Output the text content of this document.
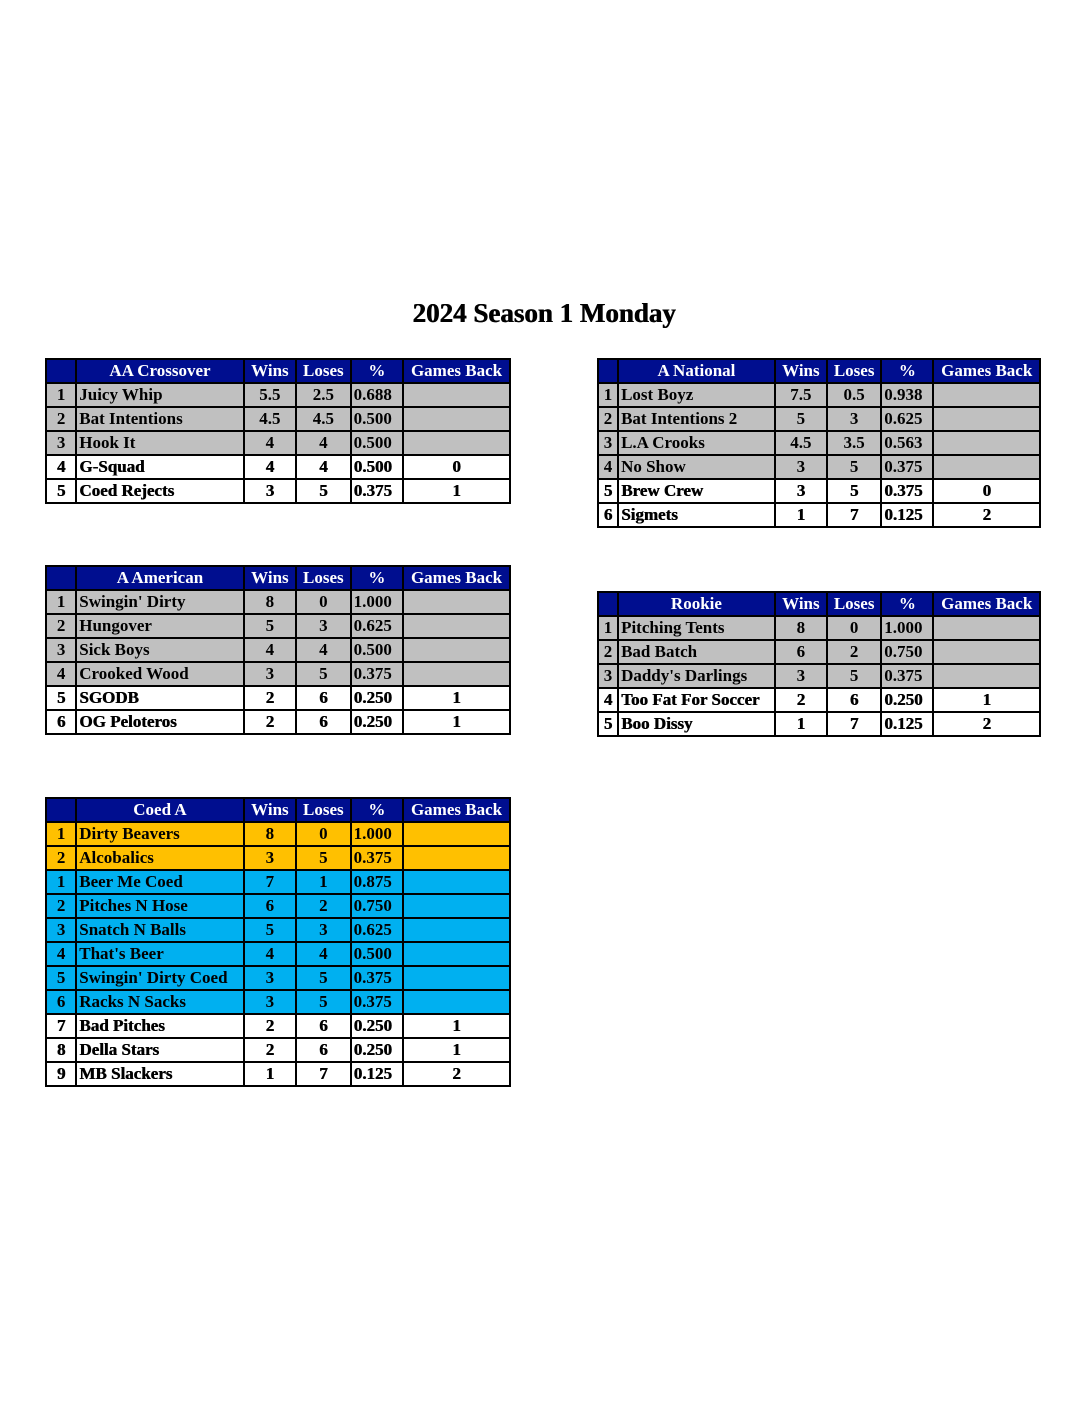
2024 Season 1 Monday
	AA Crossover	Wins	Loses	%	Games Back
1	Juicy Whip	5.5	2.5	0.688	
2	Bat Intentions	4.5	4.5	0.500	
3	Hook It	4	4	0.500	
4	G-Squad	4	4	0.500	0
5	Coed Rejects	3	5	0.375	1
	A National	Wins	Loses	%	Games Back
1	Lost Boyz	7.5	0.5	0.938	
2	Bat Intentions 2	5	3	0.625	
3	L.A Crooks	4.5	3.5	0.563	
4	No Show	3	5	0.375	
5	Brew Crew	3	5	0.375	0
6	Sigmets	1	7	0.125	2
	A American	Wins	Loses	%	Games Back
1	Swingin' Dirty	8	0	1.000	
2	Hungover	5	3	0.625	
3	Sick Boys	4	4	0.500	
4	Crooked Wood	3	5	0.375	
5	SGODB	2	6	0.250	1
6	OG Peloteros	2	6	0.250	1
	Rookie	Wins	Loses	%	Games Back
1	Pitching Tents	8	0	1.000	
2	Bad Batch	6	2	0.750	
3	Daddy's Darlings	3	5	0.375	
4	Too Fat For Soccer	2	6	0.250	1
5	Boo Dissy	1	7	0.125	2
	Coed A	Wins	Loses	%	Games Back
1	Dirty Beavers	8	0	1.000	
2	Alcobalics	3	5	0.375	
1	Beer Me Coed	7	1	0.875	
2	Pitches N Hose	6	2	0.750	
3	Snatch N Balls	5	3	0.625	
4	That's Beer	4	4	0.500	
5	Swingin' Dirty Coed	3	5	0.375	
6	Racks N Sacks	3	5	0.375	
7	Bad Pitches	2	6	0.250	1
8	Della Stars	2	6	0.250	1
9	MB Slackers	1	7	0.125	2
